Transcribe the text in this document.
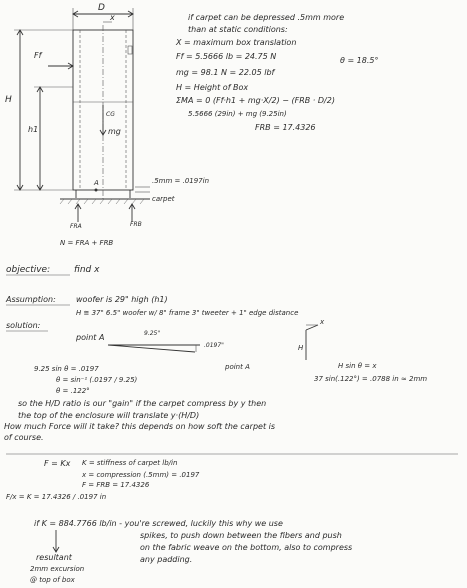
D
x
Ff
H
h1
CG
mg
A	.5mm = .0197in
carpet
FRA	FRB
N = FRA + FRB
if carpet can be depressed .5mm more
than at static conditions:
X = maximum box translation
Ff = 5.5666 lb = 24.75 N	θ = 18.5°
mg = 98.1 N = 22.05 lbf
H = Height of Box
ΣMA = 0 (Ff·h1 + mg·X/2) − (FRB · D/2)
5.5666 (29in) + mg (9.25in)
FRB = 17.4326
objective:	find x
Assumption:	woofer is 29" high (h1)
H ≅ 37" 6.5" woofer w/ 8" frame 3" tweeter + 1" edge distance
solution:
point A	9.25"
.0197"
9.25 sin θ = .0197
θ = sin⁻¹ (.0197 / 9.25)
θ = .122°
point A
H
x
H sin θ = x
37 sin(.122°) = .0788 in ≈ 2mm
so the H/D ratio is our "gain" if the carpet compress by y then
the top of the enclosure will translate y·(H/D)
How much Force will it take? this depends on how soft the carpet is
of course.
F = Kx K = stiffness of carpet lb/in
x = compression (.5mm) = .0197
F = FRB = 17.4326
F/x = K = 17.4326 / .0197 in
if K = 884.7766 lb/in - you're screwed, luckily this why we use
spikes, to push down between the fibers and push
on the fabric weave on the bottom, also to compress
any padding.
resultant
2mm excursion
@ top of box
